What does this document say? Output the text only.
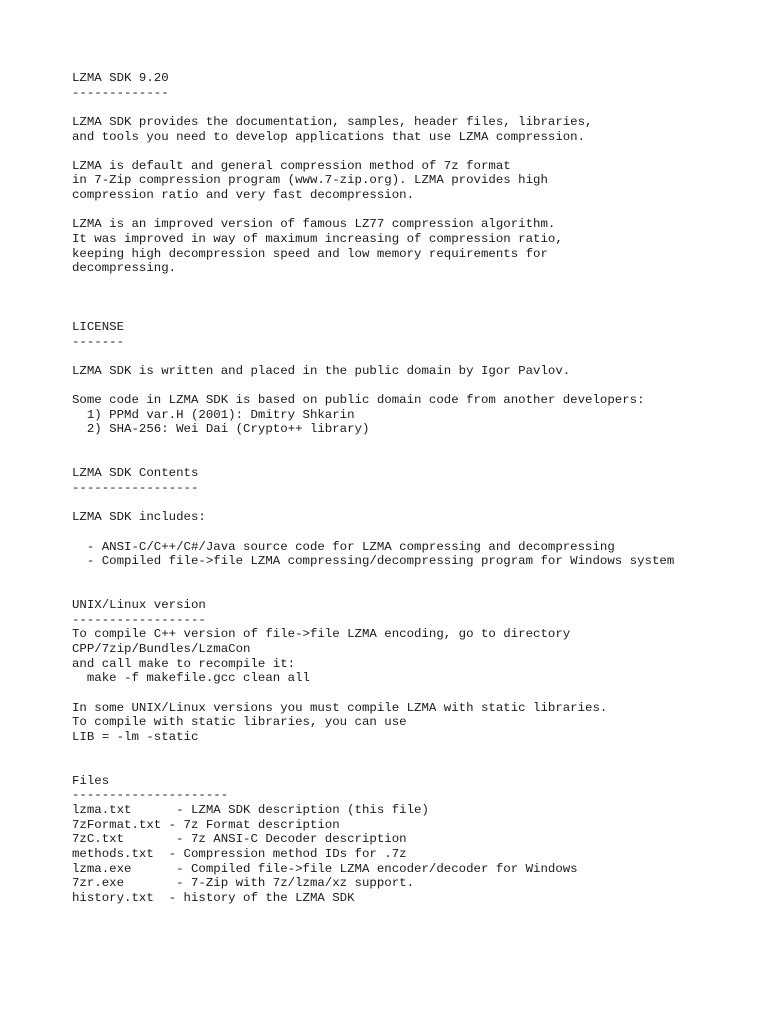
LZMA SDK 9.20
-------------

LZMA SDK provides the documentation, samples, header files, libraries,
and tools you need to develop applications that use LZMA compression.

LZMA is default and general compression method of 7z format
in 7-Zip compression program (www.7-zip.org). LZMA provides high
compression ratio and very fast decompression.

LZMA is an improved version of famous LZ77 compression algorithm.
It was improved in way of maximum increasing of compression ratio,
keeping high decompression speed and low memory requirements for
decompressing.

LICENSE
-------

LZMA SDK is written and placed in the public domain by Igor Pavlov.

Some code in LZMA SDK is based on public domain code from another developers:
1) PPMd var.H (2001): Dmitry Shkarin
2) SHA-256: Wei Dai (Crypto++ library)

LZMA SDK Contents
-----------------

LZMA SDK includes:

- ANSI-C/C++/C#/Java source code for LZMA compressing and decompressing
- Compiled file->file LZMA compressing/decompressing program for Windows system

UNIX/Linux version
------------------
To compile C++ version of file->file LZMA encoding, go to directory
CPP/7zip/Bundles/LzmaCon
and call make to recompile it:
make -f makefile.gcc clean all

In some UNIX/Linux versions you must compile LZMA with static libraries.
To compile with static libraries, you can use
LIB = -lm -static

Files
---------------------
lzma.txt      - LZMA SDK description (this file)
7zFormat.txt - 7z Format description
7zC.txt       - 7z ANSI-C Decoder description
methods.txt  - Compression method IDs for .7z
lzma.exe      - Compiled file->file LZMA encoder/decoder for Windows
7zr.exe       - 7-Zip with 7z/lzma/xz support.
history.txt  - history of the LZMA SDK
